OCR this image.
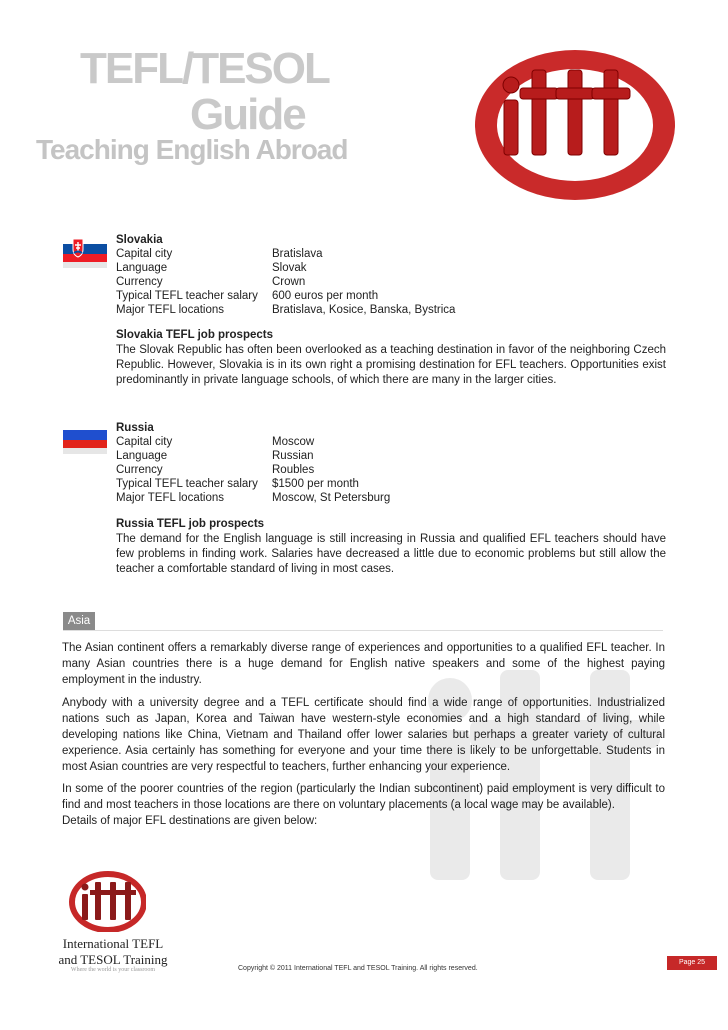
TEFL/TESOL
Guide
Teaching English Abroad
Slovakia
Capital city	Bratislava
Language	Slovak
Currency	Crown
Typical TEFL teacher salary	600 euros per month
Major TEFL locations	Bratislava, Kosice, Banska, Bystrica
Slovakia TEFL job prospects
The Slovak Republic has often been overlooked as a teaching destination in favor of the neighboring Czech Republic. However, Slovakia is in its own right a promising destination for EFL teachers. Opportunities exist predominantly in private language schools, of which there are many in the larger cities.
Russia
Capital city	Moscow
Language	Russian
Currency	Roubles
Typical TEFL teacher salary	$1500 per month
Major TEFL locations	Moscow, St Petersburg
Russia TEFL job prospects
The demand for the English language is still increasing in Russia and qualified EFL teachers should have few problems in finding work. Salaries have decreased a little due to economic problems but still allow the teacher a comfortable standard of living in most cases.
Asia
The Asian continent offers a remarkably diverse range of experiences and opportunities to a qualified EFL teacher. In many Asian countries there is a huge demand for English native speakers and some of the highest paying employment in the industry.
Anybody with a university degree and a TEFL certificate should find a wide range of opportunities. Industrialized nations such as Japan, Korea and Taiwan have western-style economies and a high standard of living, while developing nations like China, Vietnam and Thailand offer lower salaries but perhaps a greater variety of cultural experience. Asia certainly has something for everyone and your time there is likely to be unforgettable. Students in most Asian countries are very respectful to teachers, further enhancing your experience.
In some of the poorer countries of the region (particularly the Indian subcontinent) paid employment is very difficult to find and most teachers in those locations are there on voluntary placements (a local wage may be available).
Details of major EFL destinations are given below:
International TEFL
and TESOL Training
Where the world is your classroom	Copyright © 2011 International TEFL and TESOL Training. All rights reserved.
Page 25
